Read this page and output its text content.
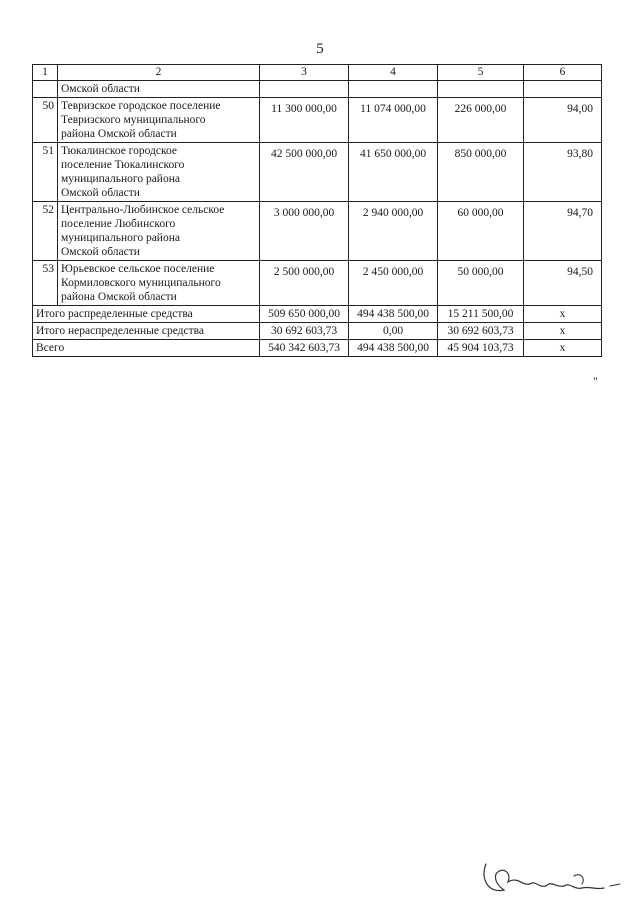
5
1	2	3	4	5	6
	Омской области				
50	Тевризское городское поселение
Тевризского муниципального
района Омской области	11 300 000,00	11 074 000,00	226 000,00	94,00
51	Тюкалинское городское
поселение Тюкалинского
муниципального района
Омской области	42 500 000,00	41 650 000,00	850 000,00	93,80
52	Центрально-Любинское сельское
поселение Любинского
муниципального района
Омской области	3 000 000,00	2 940 000,00	60 000,00	94,70
53	Юрьевское сельское поселение
Кормиловского муниципального
района Омской области	2 500 000,00	2 450 000,00	50 000,00	94,50
Итого распределенные средства		509 650 000,00	494 438 500,00	15 211 500,00	х
Итого нераспределенные средства		30 692 603,73	0,00	30 692 603,73	х
Всего		540 342 603,73	494 438 500,00	45 904 103,73	х
"
